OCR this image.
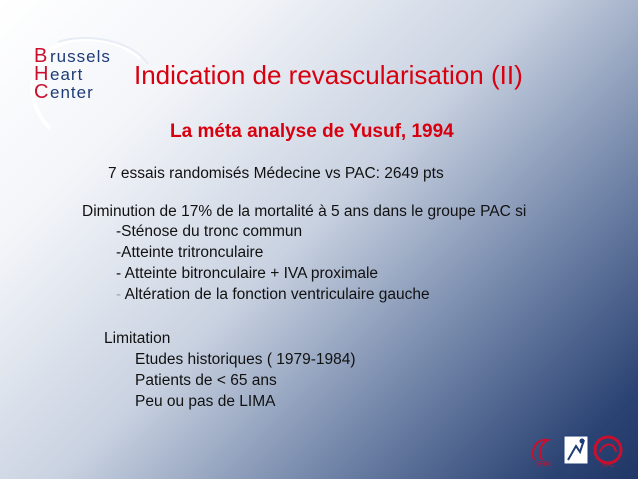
B russels
H eart
C enter
Indication de revascularisation (II)
La méta analyse de Yusuf, 1994
7 essais randomisés Médecine vs PAC: 2649 pts
Diminution de 17% de la mortalité à 5 ans dans le groupe PAC si
-Sténose du tronc commun
-Atteinte tritronculaire
- Atteinte bitronculaire + IVA proximale
- Altération de la fonction ventriculaire gauche
Limitation
Etudes historiques ( 1979-1984)
Patients de < 65 ans
Peu ou pas de LIMA
SFRC	SMC
